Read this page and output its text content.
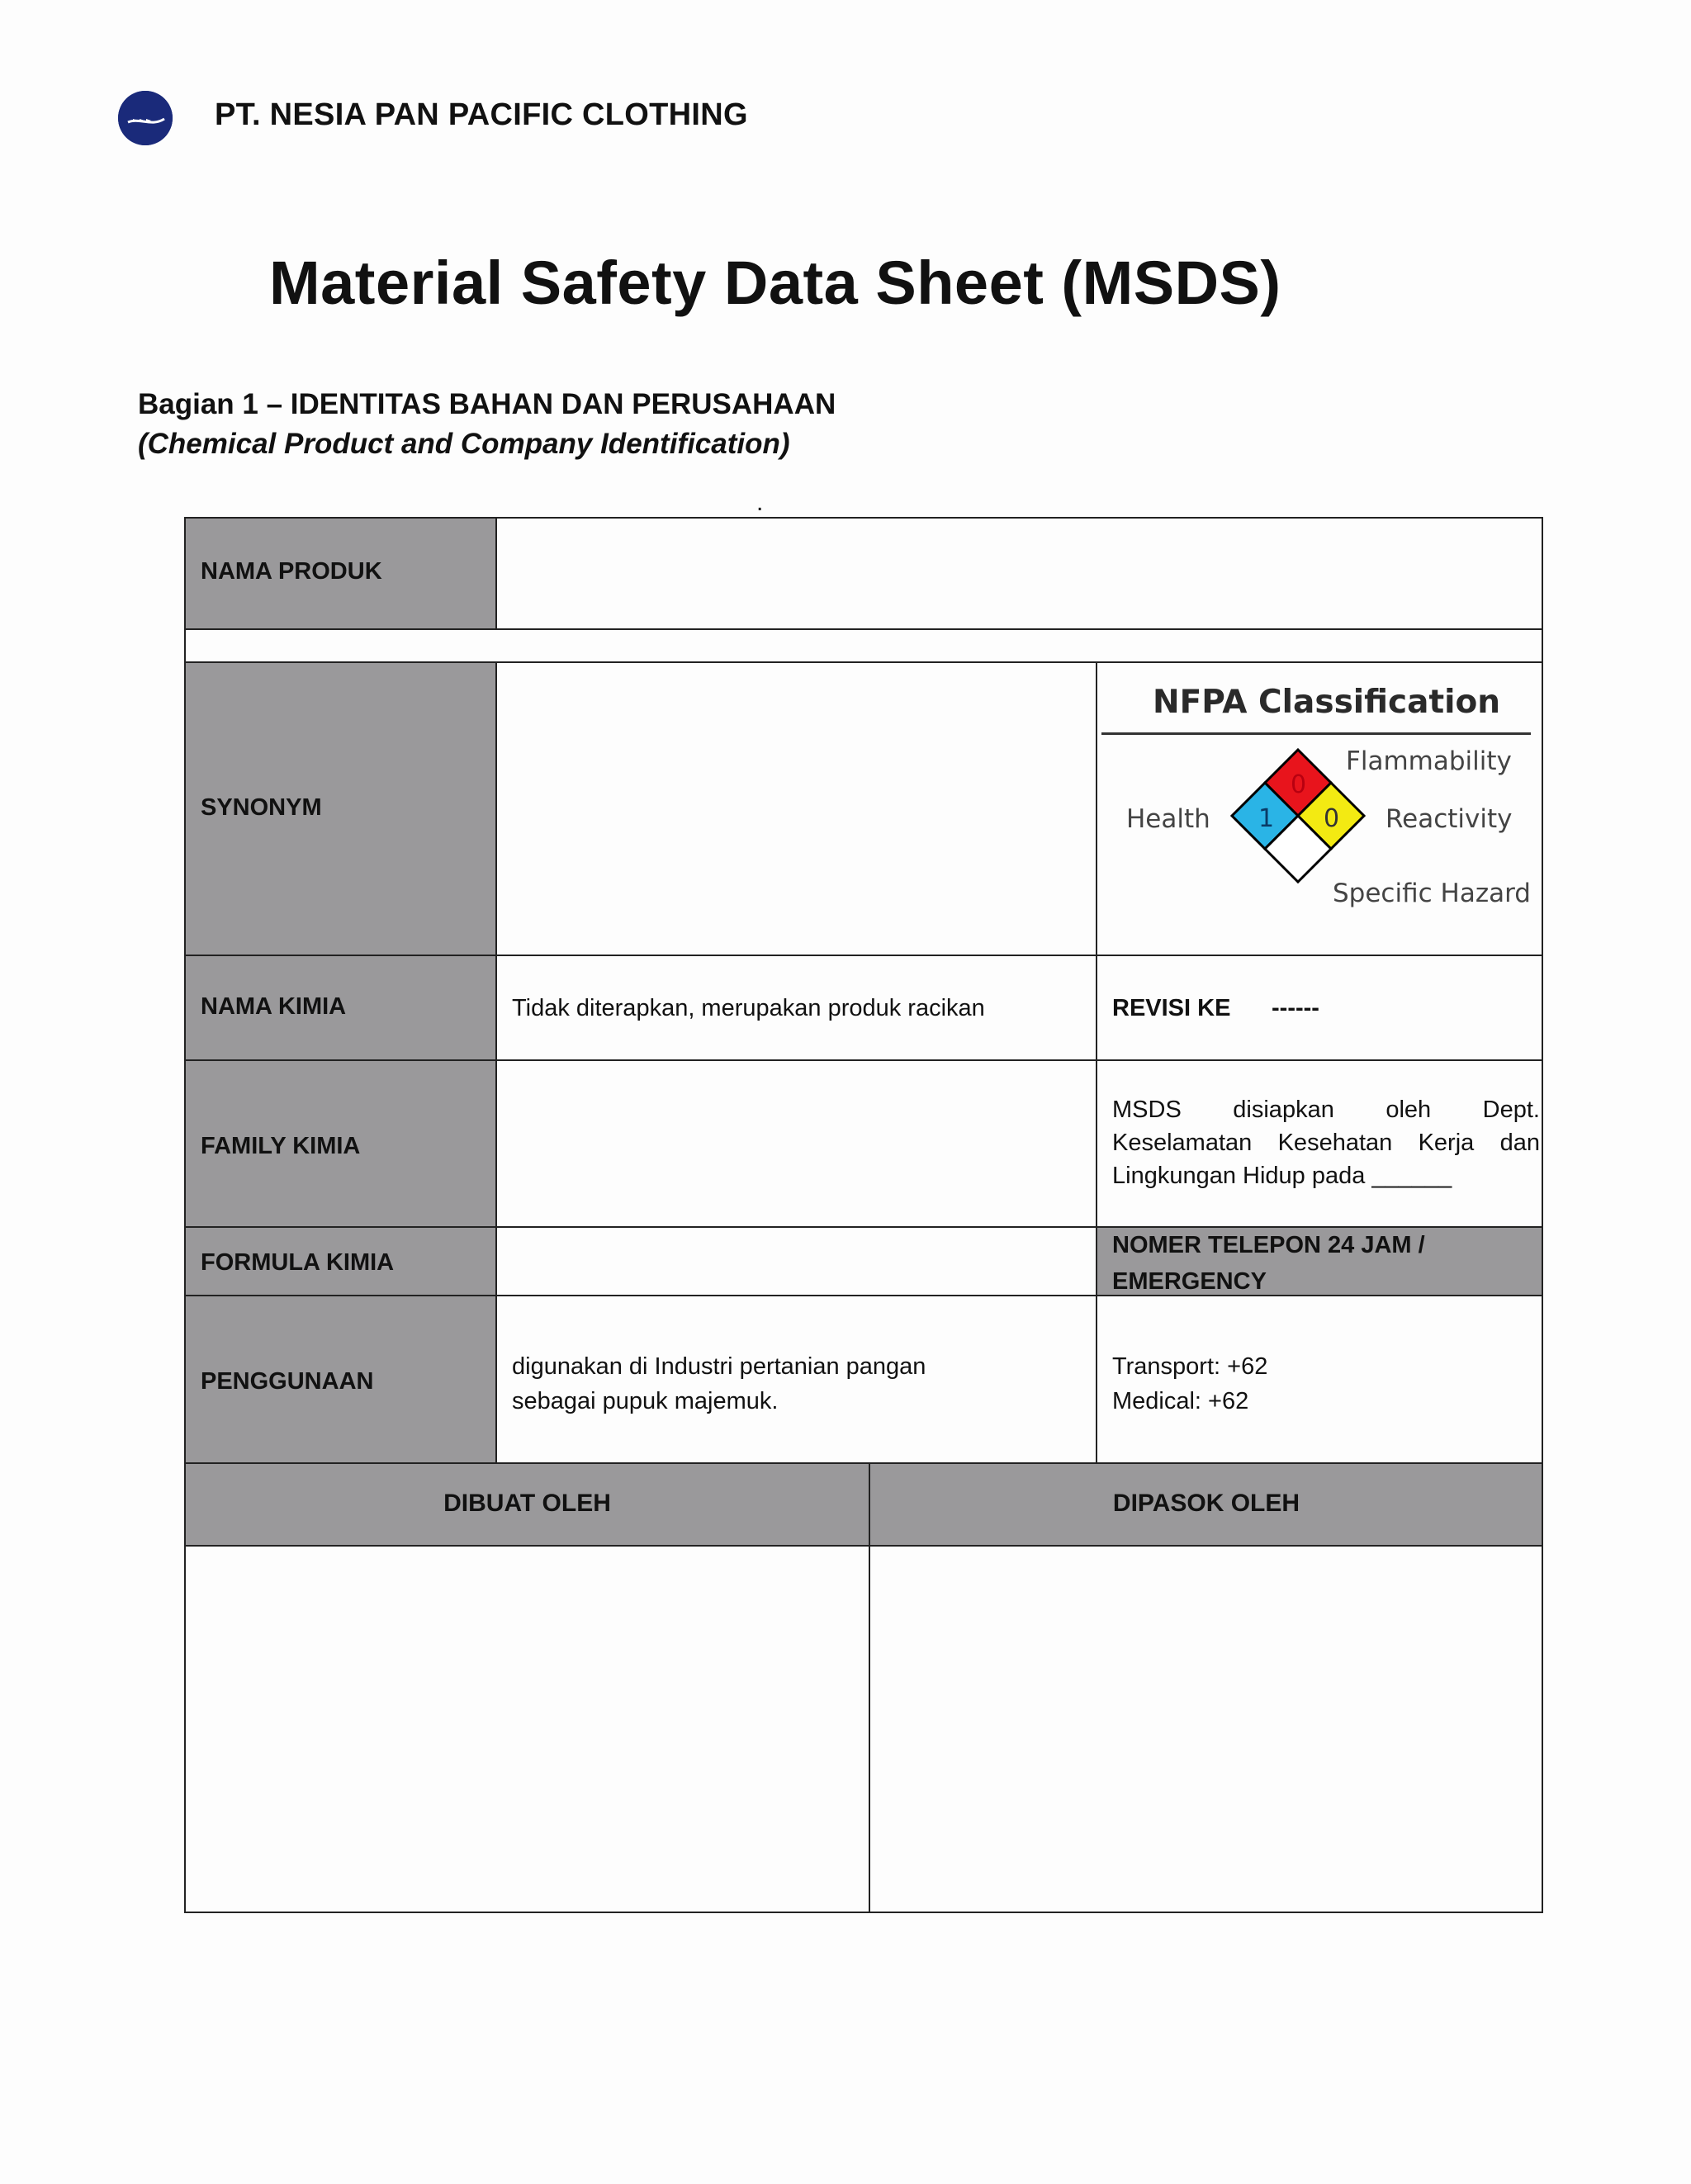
PT. NESIA PAN PACIFIC CLOTHING
Material Safety Data Sheet (MSDS)
Bagian 1 – IDENTITAS BAHAN DAN PERUSAHAAN
(Chemical Product and Company Identification)
.
NAMA PRODUK
SYNONYM
NAMA KIMIA
FAMILY KIMIA
FORMULA KIMIA
PENGGUNAAN
Tidak diterapkan, merupakan produk racikan	REVISI KE ------
MSDS disiapkan oleh Dept. Keselamatan Kesehatan Kerja dan Lingkungan Hidup pada ______
NOMER TELEPON 24 JAM / EMERGENCY
digunakan di Industri pertanian pangan
sebagai pupuk majemuk.
Transport: +62
Medical: +62
DIBUAT OLEH	DIPASOK OLEH
NFPA Classification
0
1 0
Health
Flammability
Reactivity
Specific Hazard
